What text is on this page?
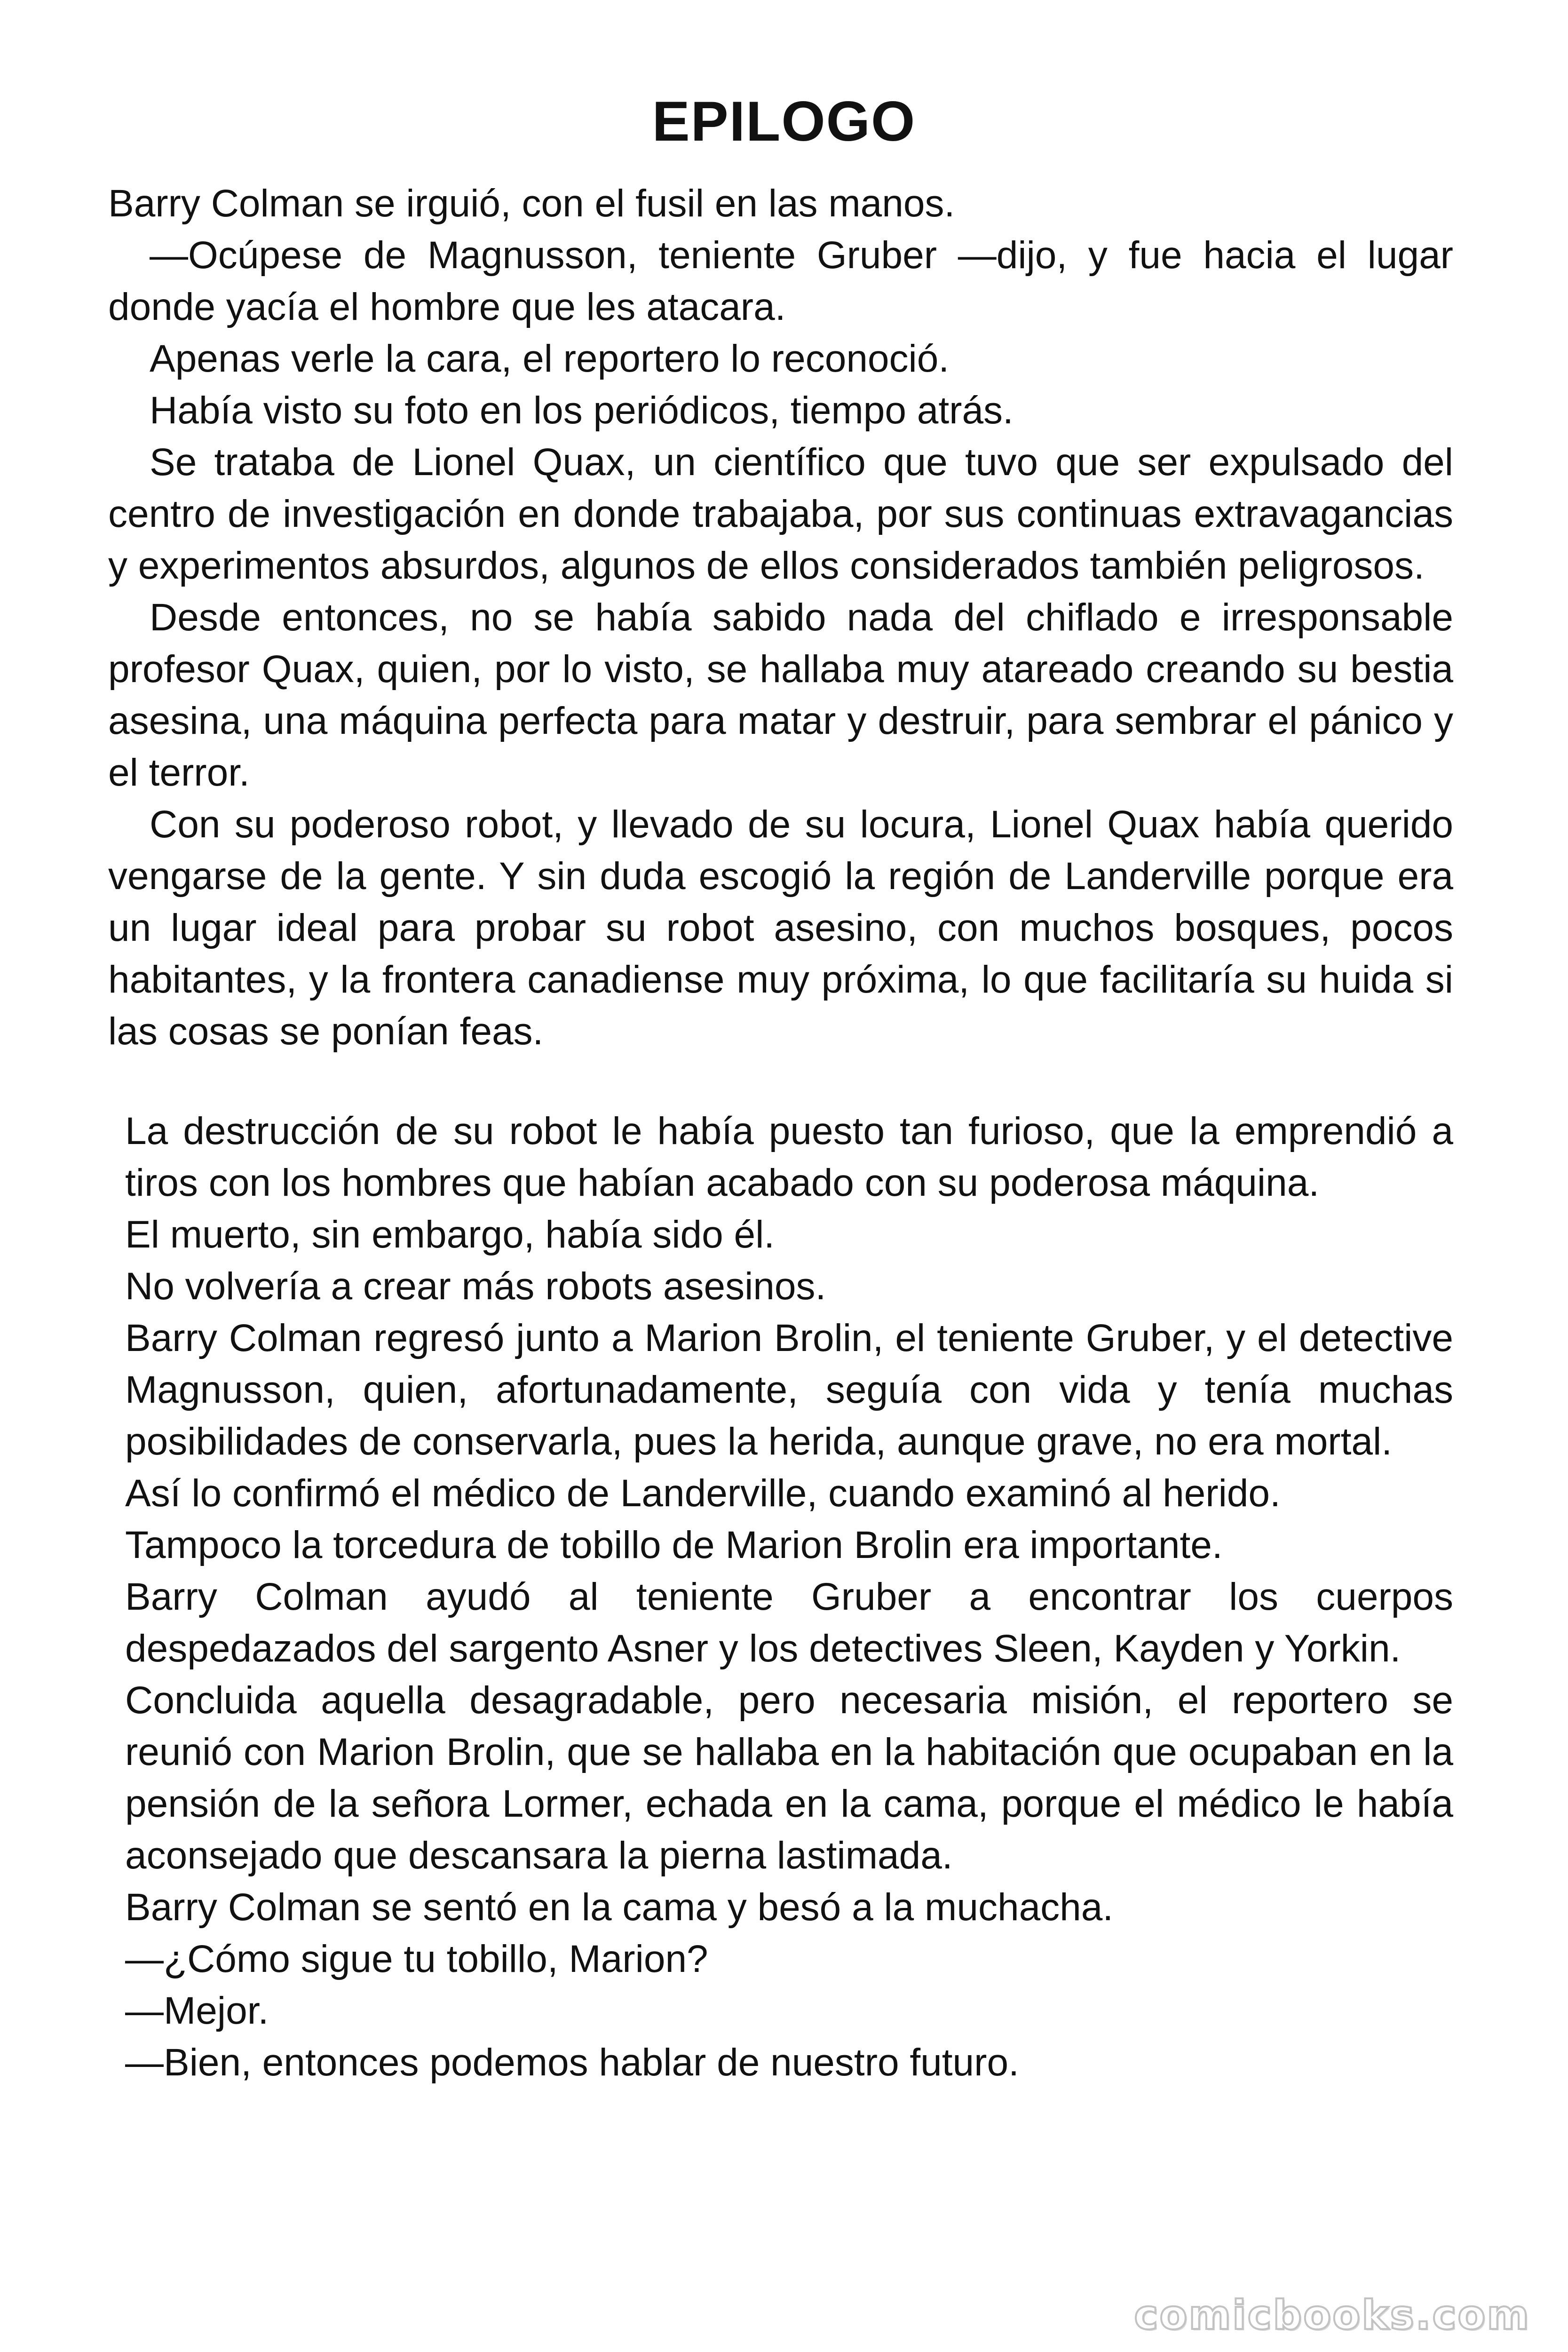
EPILOGO

Barry Colman se irguió, con el fusil en las manos.

—Ocúpese de Magnusson, teniente Gruber —dijo, y fue hacia el lugar donde yacía el hombre que les atacara.

Apenas verle la cara, el reportero lo reconoció.

Había visto su foto en los periódicos, tiempo atrás.

Se trataba de Lionel Quax, un científico que tuvo que ser expulsado del centro de investigación en donde trabajaba, por sus continuas extravagancias y experimentos absurdos, algunos de ellos considerados también peligrosos.

Desde entonces, no se había sabido nada del chiflado e irresponsable profesor Quax, quien, por lo visto, se hallaba muy atareado creando su bestia asesina, una máquina perfecta para matar y destruir, para sembrar el pánico y el terror.

Con su poderoso robot, y llevado de su locura, Lionel Quax había querido vengarse de la gente. Y sin duda escogió la región de Landerville porque era un lugar ideal para probar su robot asesino, con muchos bosques, pocos habitantes, y la frontera canadiense muy próxima, lo que facilitaría su huida si las cosas se ponían feas.

La destrucción de su robot le había puesto tan furioso, que la emprendió a tiros con los hombres que habían acabado con su poderosa máquina.

El muerto, sin embargo, había sido él.

No volvería a crear más robots asesinos.

Barry Colman regresó junto a Marion Brolin, el teniente Gruber, y el detective Magnusson, quien, afortunadamente, seguía con vida y tenía muchas posibilidades de conservarla, pues la herida, aunque grave, no era mortal.

Así lo confirmó el médico de Landerville, cuando examinó al herido.

Tampoco la torcedura de tobillo de Marion Brolin era importante.

Barry Colman ayudó al teniente Gruber a encontrar los cuerpos despedazados del sargento Asner y los detectives Sleen, Kayden y Yorkin.

Concluida aquella desagradable, pero necesaria misión, el reportero se reunió con Marion Brolin, que se hallaba en la habitación que ocupaban en la pensión de la señora Lormer, echada en la cama, porque el médico le había aconsejado que descansara la pierna lastimada.

Barry Colman se sentó en la cama y besó a la muchacha.

—¿Cómo sigue tu tobillo, Marion?

—Mejor.

—Bien, entonces podemos hablar de nuestro futuro.

comicbooks.com
